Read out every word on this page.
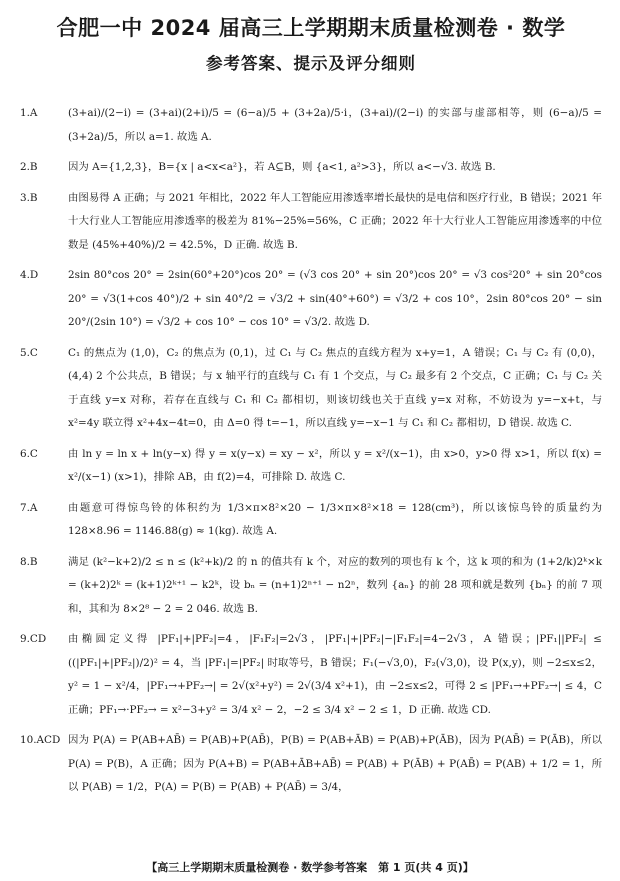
合肥一中 2024 届高三上学期期末质量检测卷 · 数学
参考答案、提示及评分细则
1.A	(3+ai)/(2−i) = (3+ai)(2+i)/5 = (6−a)/5 + (3+2a)/5·i，(3+ai)/(2−i) 的实部与虚部相等，则 (6−a)/5 = (3+2a)/5，所以 a=1. 故选 A.
2.B	因为 A={1,2,3}，B={x | a<x<a²}，若 A⊆B，则 {a<1, a²>3}，所以 a<−√3. 故选 B.
3.B	由图易得 A 正确；与 2021 年相比，2022 年人工智能应用渗透率增长最快的是电信和医疗行业，B 错误；2021 年十大行业人工智能应用渗透率的极差为 81%−25%=56%，C 正确；2022 年十大行业人工智能应用渗透率的中位数是 (45%+40%)/2 = 42.5%，D 正确. 故选 B.
4.D	2sin 80°cos 20° = 2sin(60°+20°)cos 20° = (√3 cos 20° + sin 20°)cos 20° = √3 cos²20° + sin 20°cos 20° = √3(1+cos 40°)/2 + sin 40°/2 = √3/2 + sin(40°+60°) = √3/2 + cos 10°，2sin 80°cos 20° − sin 20°/(2sin 10°) = √3/2 + cos 10° − cos 10° = √3/2. 故选 D.
5.C	C₁ 的焦点为 (1,0)，C₂ 的焦点为 (0,1)，过 C₁ 与 C₂ 焦点的直线方程为 x+y=1，A 错误；C₁ 与 C₂ 有 (0,0)，(4,4) 2 个公共点，B 错误；与 x 轴平行的直线与 C₁ 有 1 个交点，与 C₂ 最多有 2 个交点，C 正确；C₁ 与 C₂ 关于直线 y=x 对称，若存在直线与 C₁ 和 C₂ 都相切，则该切线也关于直线 y=x 对称，不妨设为 y=−x+t，与 x²=4y 联立得 x²+4x−4t=0，由 Δ=0 得 t=−1，所以直线 y=−x−1 与 C₁ 和 C₂ 都相切，D 错误. 故选 C.
6.C	由 ln y = ln x + ln(y−x) 得 y = x(y−x) = xy − x²，所以 y = x²/(x−1)，由 x>0，y>0 得 x>1，所以 f(x) = x²/(x−1) (x>1)，排除 AB，由 f(2)=4，可排除 D. 故选 C.
7.A	由题意可得惊鸟铃的体积约为 1/3×π×8²×20 − 1/3×π×8²×18 = 128(cm³)，所以该惊鸟铃的质量约为 128×8.96 = 1146.88(g) ≈ 1(kg). 故选 A.
8.B	满足 (k²−k+2)/2 ≤ n ≤ (k²+k)/2 的 n 的值共有 k 个，对应的数列的项也有 k 个，这 k 项的和为 (1+2/k)2ᵏ×k = (k+2)2ᵏ = (k+1)2ᵏ⁺¹ − k2ᵏ，设 bₙ = (n+1)2ⁿ⁺¹ − n2ⁿ，数列 {aₙ} 的前 28 项和就是数列 {bₙ} 的前 7 项和，其和为 8×2⁸ − 2 = 2 046. 故选 B.
9.CD	由椭圆定义得 |PF₁|+|PF₂|=4，|F₁F₂|=2√3，|PF₁|+|PF₂|−|F₁F₂|=4−2√3，A 错误；|PF₁||PF₂| ≤ ((|PF₁|+|PF₂|)/2)² = 4，当 |PF₁|=|PF₂| 时取等号，B 错误；F₁(−√3,0)，F₂(√3,0)，设 P(x,y)，则 −2≤x≤2，y² = 1 − x²/4，|PF₁→+PF₂→| = 2√(x²+y²) = 2√(3/4 x²+1)，由 −2≤x≤2，可得 2 ≤ |PF₁→+PF₂→| ≤ 4，C 正确；PF₁→·PF₂→ = x²−3+y² = 3/4 x² − 2，−2 ≤ 3/4 x² − 2 ≤ 1，D 正确. 故选 CD.
10.ACD 因为 P(A) = P(AB+AB̄) = P(AB)+P(AB̄)，P(B) = P(AB+ĀB) = P(AB)+P(ĀB)，因为 P(AB̄) = P(ĀB)，所以 P(A) = P(B)，A 正确；因为 P(A+B) = P(AB+ĀB+AB̄) = P(AB) + P(ĀB) + P(AB̄) = P(AB) + 1/2 = 1，所以 P(AB) = 1/2，P(A) = P(B) = P(AB) + P(AB̄) = 3/4，
【高三上学期期末质量检测卷 · 数学参考答案　第 1 页(共 4 页)】
